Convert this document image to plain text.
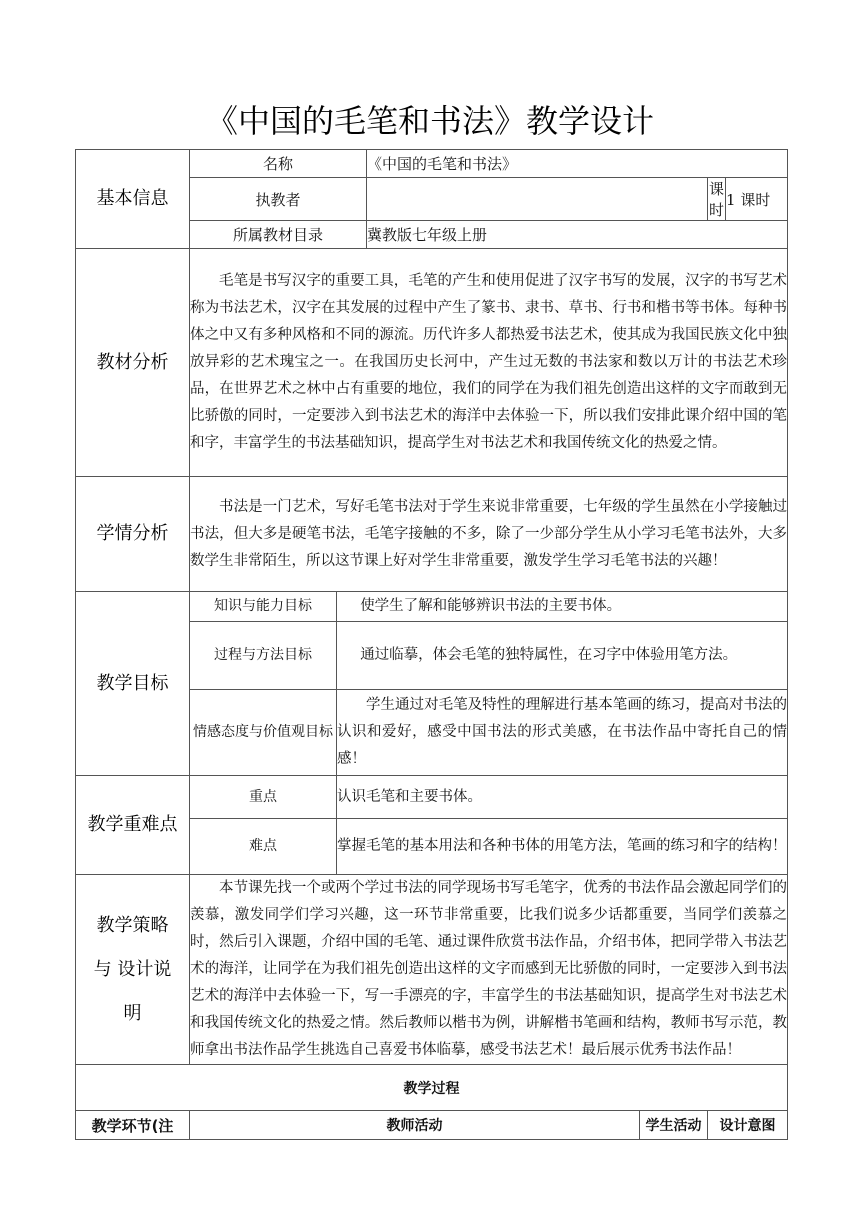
《中国的毛笔和书法》教学设计
基本信息	名称		《中国的毛笔和书法》			
	执教者				课时	1 课时
	所属教材目录		冀教版七年级上册			
教材分析	毛笔是书写汉字的重要工具，毛笔的产生和使用促进了汉字书写的发展，汉字的书写艺术称为书法艺术，汉字在其发展的过程中产生了篆书、隶书、草书、行书和楷书等书体。每种书体之中又有多种风格和不同的源流。历代许多人都热爱书法艺术，使其成为我国民族文化中独放异彩的艺术瑰宝之一。在我国历史长河中，产生过无数的书法家和数以万计的书法艺术珍品，在世界艺术之林中占有重要的地位，我们的同学在为我们祖先创造出这样的文字而敢到无比骄傲的同时，一定要涉入到书法艺术的海洋中去体验一下，所以我们安排此课介绍中国的笔和字，丰富学生的书法基础知识，提高学生对书法艺术和我国传统文化的热爱之情。					
学情分析	书法是一门艺术，写好毛笔书法对于学生来说非常重要，七年级的学生虽然在小学接触过书法，但大多是硬笔书法，毛笔字接触的不多，除了一少部分学生从小学习毛笔书法外，大多数学生非常陌生，所以这节课上好对学生非常重要，激发学生学习毛笔书法的兴趣！					
教学目标	知识与能力目标	使学生了解和能够辨识书法的主要书体。				
	过程与方法目标	通过临摹，体会毛笔的独特属性，在习字中体验用笔方法。				
	情感态度与价值观目标	学生通过对毛笔及特性的理解进行基本笔画的练习，提高对书法的认识和爱好，感受中国书法的形式美感，在书法作品中寄托自己的情感！				
教学重难点	重点	认识毛笔和主要书体。				
	难点	掌握毛笔的基本用法和各种书体的用笔方法，笔画的练习和字的结构！				
教学策略与 设计说明	本节课先找一个或两个学过书法的同学现场书写毛笔字，优秀的书法作品会激起同学们的羡慕，激发同学们学习兴趣，这一环节非常重要，比我们说多少话都重要，当同学们羡慕之时，然后引入课题，介绍中国的毛笔、通过课件欣赏书法作品，介绍书体，把同学带入书法艺术的海洋，让同学在为我们祖先创造出这样的文字而感到无比骄傲的同时，一定要涉入到书法艺术的海洋中去体验一下，写一手漂亮的字，丰富学生的书法基础知识，提高学生对书法艺术和我国传统文化的热爱之情。然后教师以楷书为例，讲解楷书笔画和结构，教师书写示范，教师拿出书法作品学生挑选自己喜爱书体临摹，感受书法艺术！最后展示优秀书法作品！					
教学过程						
教学环节(注	教师活动			学生活动	设计意图	
